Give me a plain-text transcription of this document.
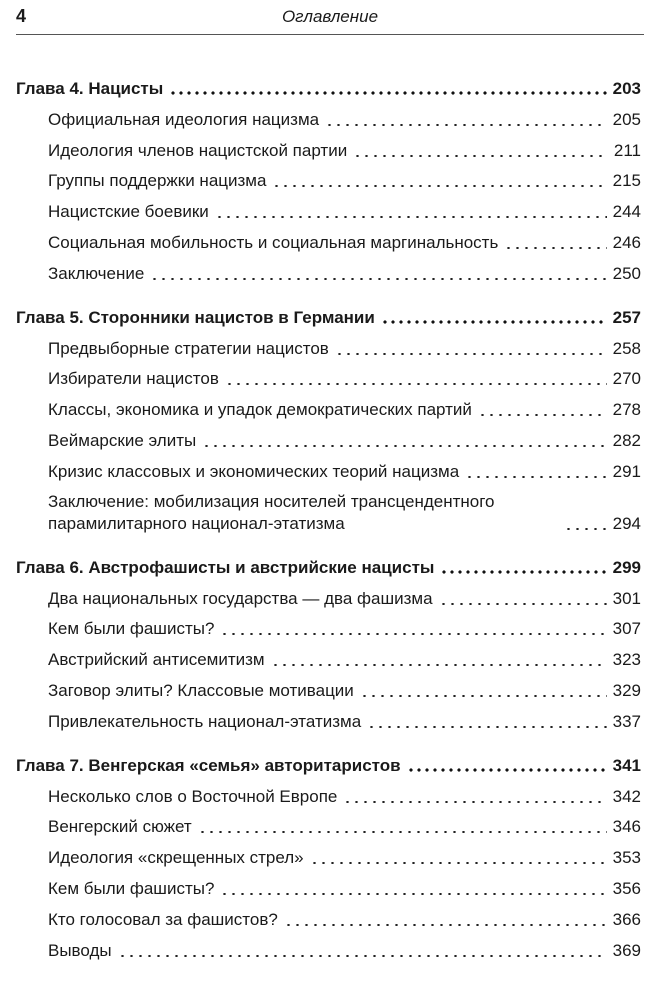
4	Оглавление
Глава 4. Нацисты	203
Официальная идеология нацизма	205
Идеология членов нацистской партии	211
Группы поддержки нацизма	215
Нацистские боевики	244
Социальная мобильность и социальная маргинальность	246
Заключение	250
Глава 5. Сторонники нацистов в Германии	257
Предвыборные стратегии нацистов	258
Избиратели нацистов	270
Классы, экономика и упадок демократических партий	278
Веймарские элиты	282
Кризис классовых и экономических теорий нацизма	291
Заключение: мобилизация носителей трансцендентного парамилитарного национал-этатизма	294
Глава 6. Австрофашисты и австрийские нацисты	299
Два национальных государства — два фашизма	301
Кем были фашисты?	307
Австрийский антисемитизм	323
Заговор элиты? Классовые мотивации	329
Привлекательность национал-этатизма	337
Глава 7. Венгерская «семья» авторитаристов	341
Несколько слов о Восточной Европе	342
Венгерский сюжет	346
Идеология «скрещенных стрел»	353
Кем были фашисты?	356
Кто голосовал за фашистов?	366
Выводы	369
